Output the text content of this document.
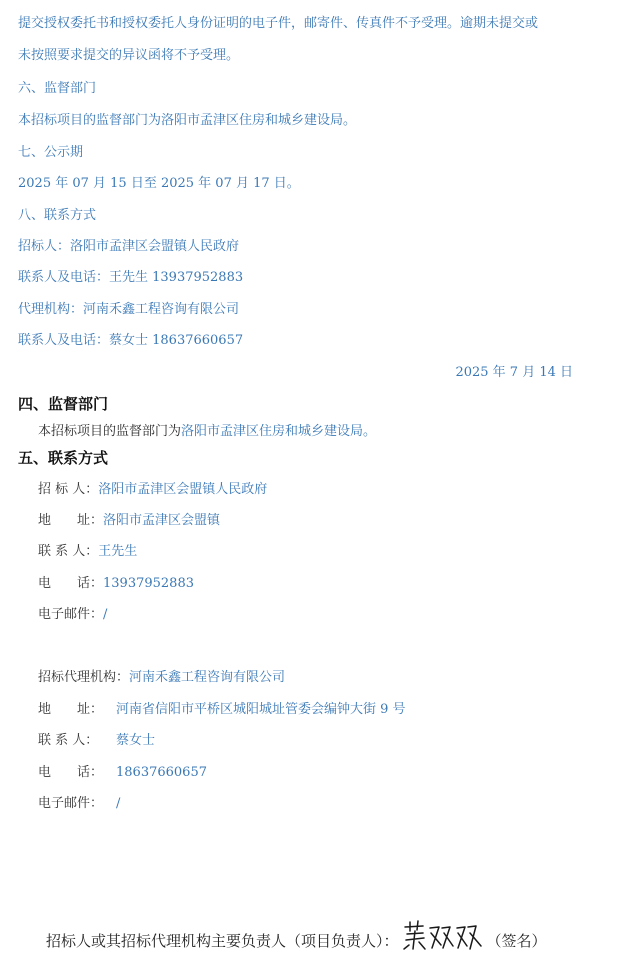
提交授权委托书和授权委托人身份证明的电子件，邮寄件、传真件不予受理。逾期未提交或
未按照要求提交的异议函将不予受理。
六、监督部门
本招标项目的监督部门为洛阳市孟津区住房和城乡建设局。
七、公示期
2025 年 07 月 15 日至 2025 年 07 月 17 日。
八、联系方式
招标人：洛阳市孟津区会盟镇人民政府
联系人及电话：王先生 13937952883
代理机构：河南禾鑫工程咨询有限公司
联系人及电话：蔡女士 18637660657
2025 年 7 月 14 日
四、监督部门
本招标项目的监督部门为洛阳市孟津区住房和城乡建设局。
五、联系方式
招 标 人：洛阳市孟津区会盟镇人民政府
地　　址：洛阳市孟津区会盟镇
联 系 人：王先生
电　　话：13937952883
电子邮件：/
招标代理机构：河南禾鑫工程咨询有限公司
地　　址： 河南省信阳市平桥区城阳城址管委会编钟大街 9 号
联 系 人： 蔡女士
电　　话： 18637660657
电子邮件： /
招标人或其招标代理机构主要负责人（项目负责人）：	（签名）
